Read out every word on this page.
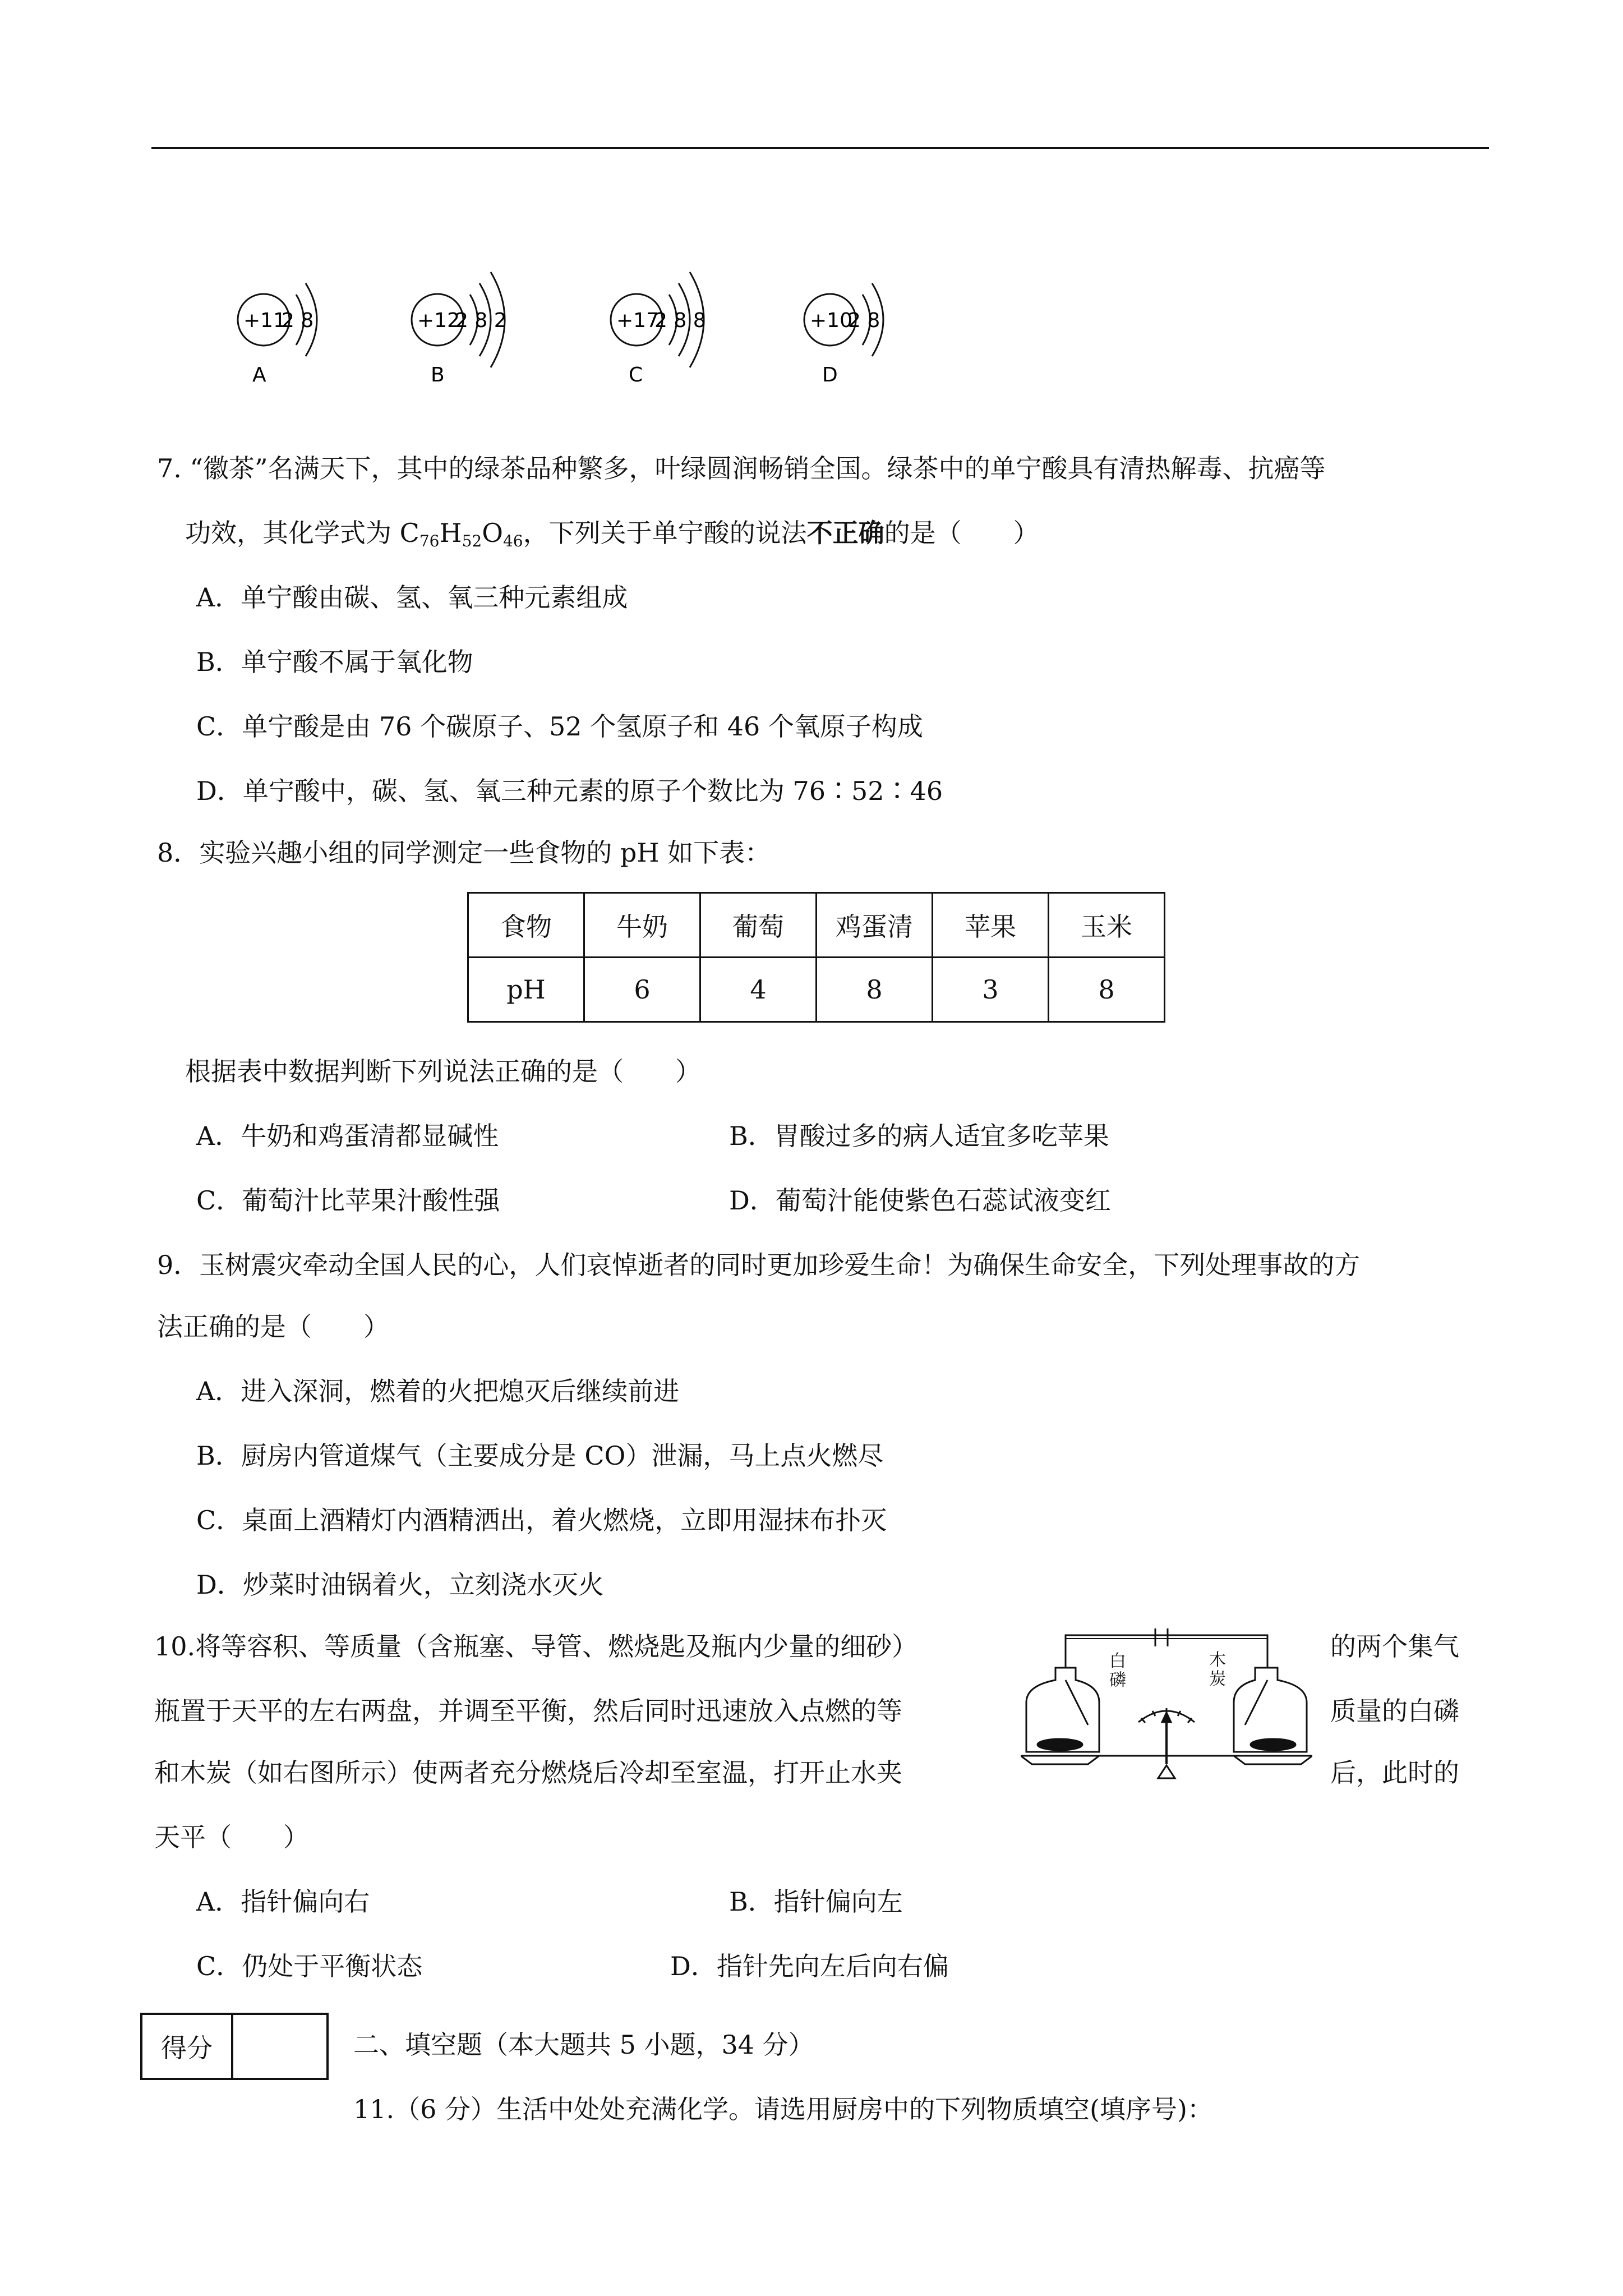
+11
2 8
A
+12
2 8 2
B
+17
2 8 8
C
+10
2 8
D
7. “徽茶”名满天下，其中的绿茶品种繁多，叶绿圆润畅销全国。绿茶中的单宁酸具有清热解毒、抗癌等
功效，其化学式为 $C_{76}H_{52}O_{46}$，下列关于单宁酸的说法不正确的是（　　）
A．单宁酸由碳、氢、氧三种元素组成
B．单宁酸不属于氧化物
C．单宁酸是由 76 个碳原子、52 个氢原子和 46 个氧原子构成
D．单宁酸中，碳、氢、氧三种元素的原子个数比为 76∶52∶46
8．实验兴趣小组的同学测定一些食物的 pH 如下表：
食物	牛奶	葡萄	鸡蛋清	苹果	玉米
pH	6	4	8	3	8
根据表中数据判断下列说法正确的是（　　）
A．牛奶和鸡蛋清都显碱性	B．胃酸过多的病人适宜多吃苹果
C．葡萄汁比苹果汁酸性强	D．葡萄汁能使紫色石蕊试液变红
9．玉树震灾牵动全国人民的心，人们哀悼逝者的同时更加珍爱生命！为确保生命安全，下列处理事故的方
法正确的是（　　）
A．进入深洞，燃着的火把熄灭后继续前进
B．厨房内管道煤气（主要成分是 CO）泄漏，马上点火燃尽
C．桌面上酒精灯内酒精洒出，着火燃烧，立即用湿抹布扑灭
D．炒菜时油锅着火，立刻浇水灭火
10.将等容积、等质量（含瓶塞、导管、燃烧匙及瓶内少量的细砂）	的两个集气
瓶置于天平的左右两盘，并调至平衡，然后同时迅速放入点燃的等	质量的白磷
和木炭（如右图所示）使两者充分燃烧后冷却至室温，打开止水夹	后，此时的
天平（　　）
白磷
木炭
A．指针偏向右	B．指针偏向左
C．仍处于平衡状态	D．指针先向左后向右偏
得分		二、填空题（本大题共 5 小题，34 分）
11.（6 分）生活中处处充满化学。请选用厨房中的下列物质填空(填序号)：
